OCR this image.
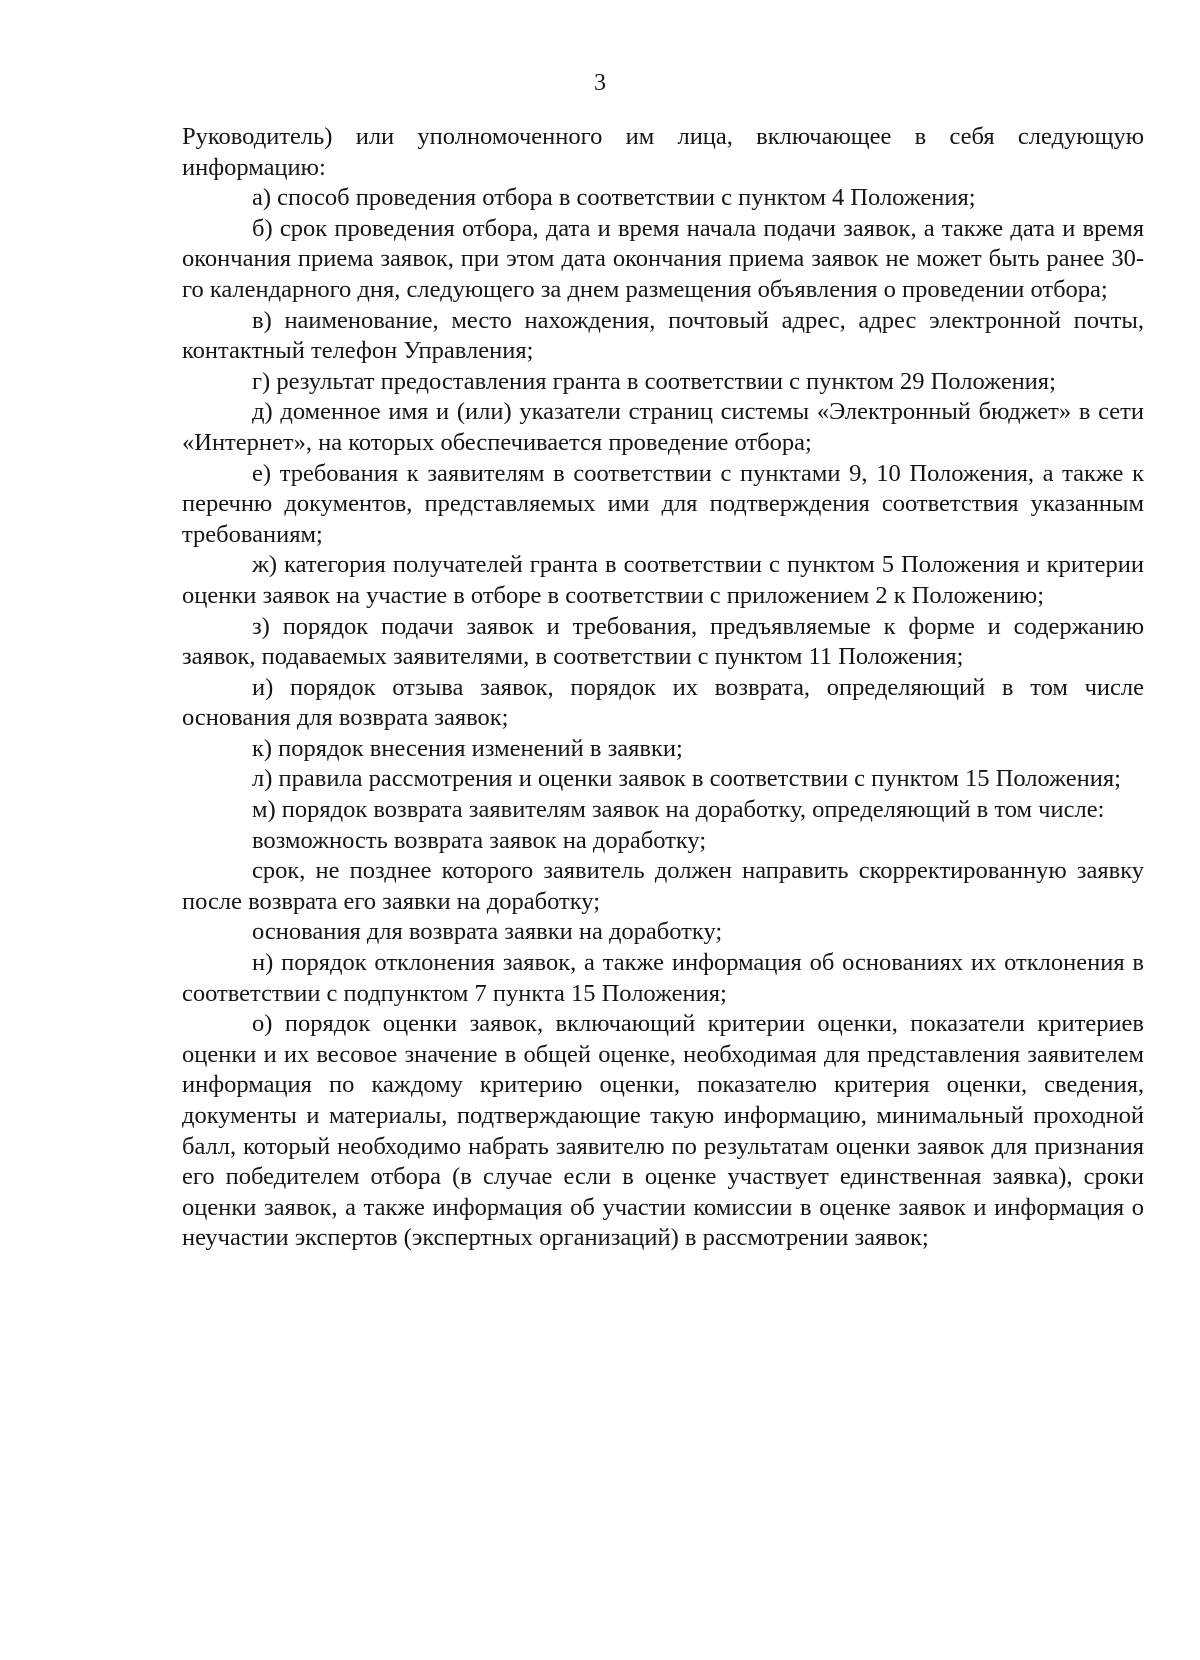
3

Руководитель) или уполномоченного им лица, включающее в себя следующую информацию:

а) способ проведения отбора в соответствии с пунктом 4 Положения;

б) срок проведения отбора, дата и время начала подачи заявок, а также дата и время окончания приема заявок, при этом дата окончания приема заявок не может быть ранее 30-го календарного дня, следующего за днем размещения объявления о проведении отбора;

в) наименование, место нахождения, почтовый адрес, адрес электронной почты, контактный телефон Управления;

г) результат предоставления гранта в соответствии с пунктом 29 Положения;

д) доменное имя и (или) указатели страниц системы «Электронный бюджет» в сети «Интернет», на которых обеспечивается проведение отбора;

е) требования к заявителям в соответствии с пунктами 9, 10 Положения, а также к перечню документов, представляемых ими для подтверждения соответствия указанным требованиям;

ж) категория получателей гранта в соответствии с пунктом 5 Положения и критерии оценки заявок на участие в отборе в соответствии с приложением 2 к Положению;

з) порядок подачи заявок и требования, предъявляемые к форме и содержанию заявок, подаваемых заявителями, в соответствии с пунктом 11 Положения;

и) порядок отзыва заявок, порядок их возврата, определяющий в том числе основания для возврата заявок;

к) порядок внесения изменений в заявки;

л) правила рассмотрения и оценки заявок в соответствии с пунктом 15 Положения;

м) порядок возврата заявителям заявок на доработку, определяющий в том числе:

возможность возврата заявок на доработку;

срок, не позднее которого заявитель должен направить скорректированную заявку после возврата его заявки на доработку;

основания для возврата заявки на доработку;

н) порядок отклонения заявок, а также информация об основаниях их отклонения в соответствии с подпунктом 7 пункта 15 Положения;

о) порядок оценки заявок, включающий критерии оценки, показатели критериев оценки и их весовое значение в общей оценке, необходимая для представления заявителем информация по каждому критерию оценки, показателю критерия оценки, сведения, документы и материалы, подтверждающие такую информацию, минимальный проходной балл, который необходимо набрать заявителю по результатам оценки заявок для признания его победителем отбора (в случае если в оценке участвует единственная заявка), сроки оценки заявок, а также информация об участии комиссии в оценке заявок и информация о неучастии экспертов (экспертных организаций) в рассмотрении заявок;
